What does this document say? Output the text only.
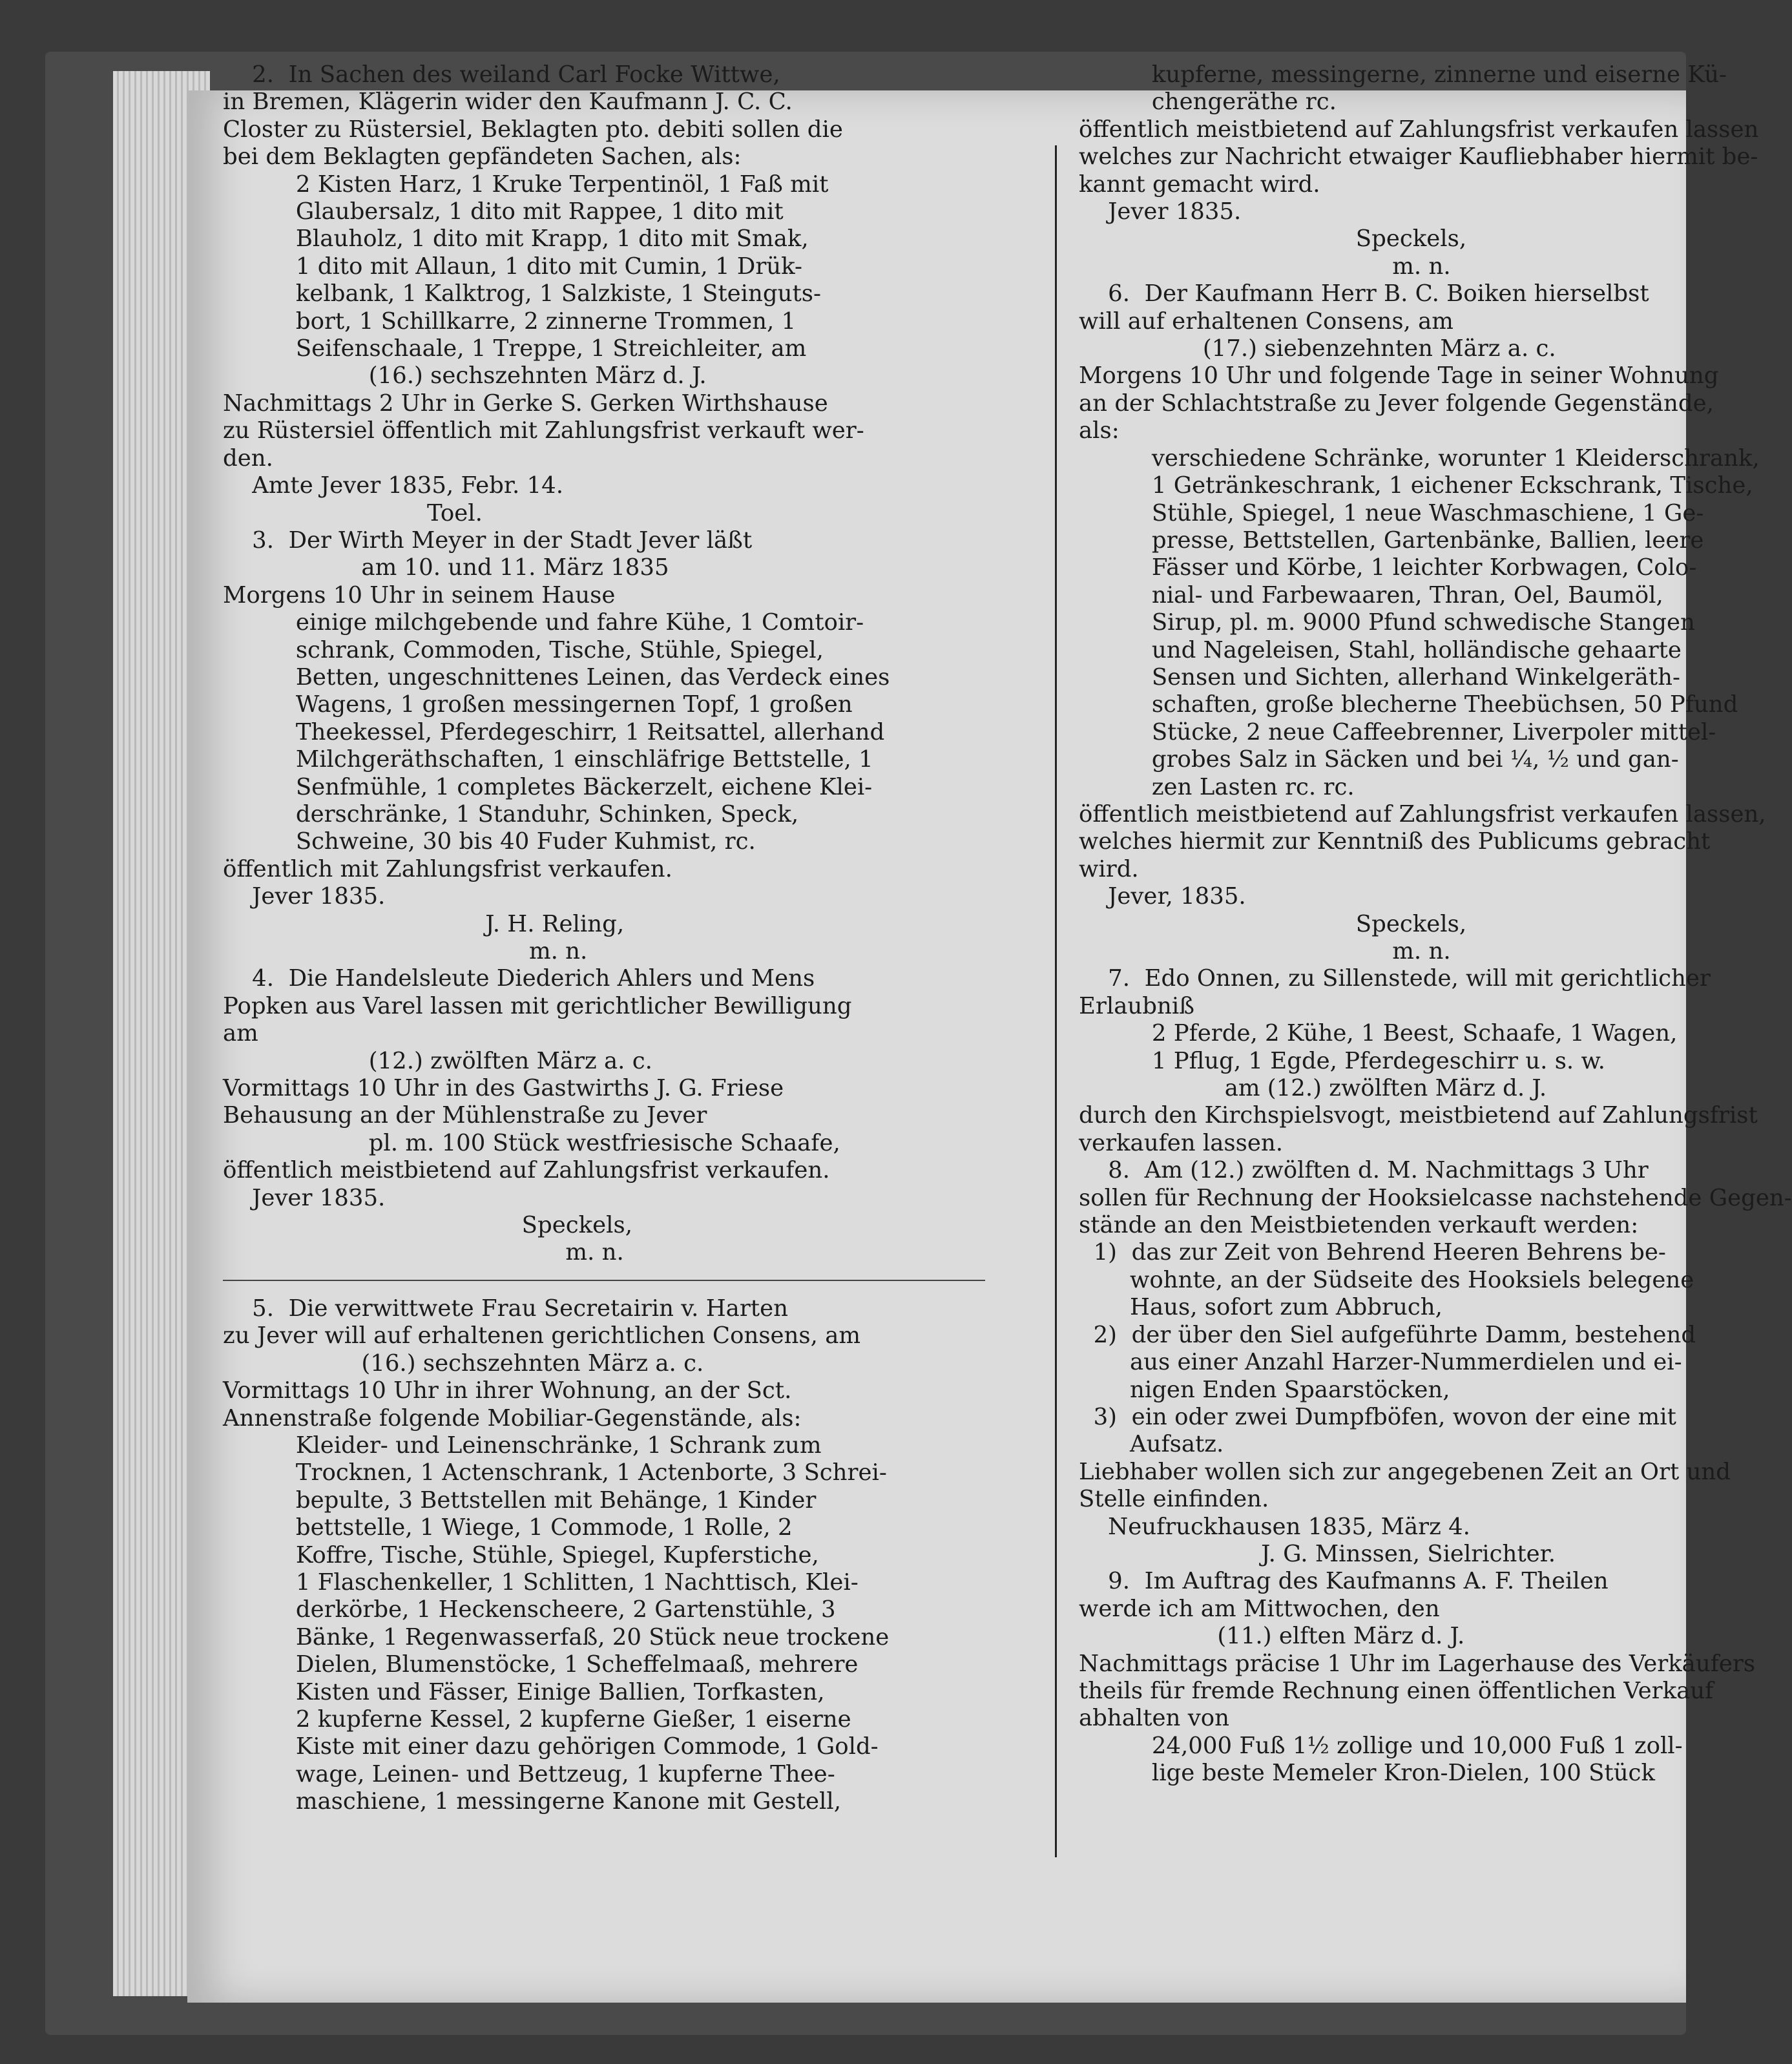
2.  In Sachen des weiland Carl Focke Wittwe,
in Bremen, Klägerin wider den Kaufmann J. C. C.
Closter zu Rüstersiel, Beklagten pto. debiti sollen die
bei dem Beklagten gepfändeten Sachen, als:
2 Kisten Harz, 1 Kruke Terpentinöl, 1 Faß mit
Glaubersalz, 1 dito mit Rappee, 1 dito mit
Blauholz, 1 dito mit Krapp, 1 dito mit Smak,
1 dito mit Allaun, 1 dito mit Cumin, 1 Drük-
kelbank, 1 Kalktrog, 1 Salzkiste, 1 Steinguts-
bort, 1 Schillkarre, 2 zinnerne Trommen, 1
Seifenschaale, 1 Treppe, 1 Streichleiter, am
(16.) sechszehnten März d. J.
Nachmittags 2 Uhr in Gerke S. Gerken Wirthshause
zu Rüstersiel öffentlich mit Zahlungsfrist verkauft wer-
den.
Amte Jever 1835, Febr. 14.
Toel.
3.  Der Wirth Meyer in der Stadt Jever läßt
am 10. und 11. März 1835
Morgens 10 Uhr in seinem Hause
einige milchgebende und fahre Kühe, 1 Comtoir-
schrank, Commoden, Tische, Stühle, Spiegel,
Betten, ungeschnittenes Leinen, das Verdeck eines
Wagens, 1 großen messingernen Topf, 1 großen
Theekessel, Pferdegeschirr, 1 Reitsattel, allerhand
Milchgeräthschaften, 1 einschläfrige Bettstelle, 1
Senfmühle, 1 completes Bäckerzelt, eichene Klei-
derschränke, 1 Standuhr, Schinken, Speck,
Schweine, 30 bis 40 Fuder Kuhmist, rc.
öffentlich mit Zahlungsfrist verkaufen.
Jever 1835.
J. H. Reling,
m. n.
4.  Die Handelsleute Diederich Ahlers und Mens
Popken aus Varel lassen mit gerichtlicher Bewilligung
am
(12.) zwölften März a. c.
Vormittags 10 Uhr in des Gastwirths J. G. Friese
Behausung an der Mühlenstraße zu Jever
pl. m. 100 Stück westfriesische Schaafe,
öffentlich meistbietend auf Zahlungsfrist verkaufen.
Jever 1835.
Speckels,
m. n.
5.  Die verwittwete Frau Secretairin v. Harten
zu Jever will auf erhaltenen gerichtlichen Consens, am
(16.) sechszehnten März a. c.
Vormittags 10 Uhr in ihrer Wohnung, an der Sct.
Annenstraße folgende Mobiliar-Gegenstände, als:
Kleider- und Leinenschränke, 1 Schrank zum
Trocknen, 1 Actenschrank, 1 Actenborte, 3 Schrei-
bepulte, 3 Bettstellen mit Behänge, 1 Kinder
bettstelle, 1 Wiege, 1 Commode, 1 Rolle, 2
Koffre, Tische, Stühle, Spiegel, Kupferstiche,
1 Flaschenkeller, 1 Schlitten, 1 Nachttisch, Klei-
derkörbe, 1 Heckenscheere, 2 Gartenstühle, 3
Bänke, 1 Regenwasserfaß, 20 Stück neue trockene
Dielen, Blumenstöcke, 1 Scheffelmaaß, mehrere
Kisten und Fässer, Einige Ballien, Torfkasten,
2 kupferne Kessel, 2 kupferne Gießer, 1 eiserne
Kiste mit einer dazu gehörigen Commode, 1 Gold-
wage, Leinen- und Bettzeug, 1 kupferne Thee-
maschiene, 1 messingerne Kanone mit Gestell,
kupferne, messingerne, zinnerne und eiserne Kü-
chengeräthe rc.
öffentlich meistbietend auf Zahlungsfrist verkaufen lassen
welches zur Nachricht etwaiger Kaufliebhaber hiermit be-
kannt gemacht wird.
Jever 1835.
Speckels,
m. n.
6.  Der Kaufmann Herr B. C. Boiken hierselbst
will auf erhaltenen Consens, am
(17.) siebenzehnten März a. c.
Morgens 10 Uhr und folgende Tage in seiner Wohnung
an der Schlachtstraße zu Jever folgende Gegenstände,
als:
verschiedene Schränke, worunter 1 Kleiderschrank,
1 Getränkeschrank, 1 eichener Eckschrank, Tische,
Stühle, Spiegel, 1 neue Waschmaschiene, 1 Ge-
presse, Bettstellen, Gartenbänke, Ballien, leere
Fässer und Körbe, 1 leichter Korbwagen, Colo-
nial- und Farbewaaren, Thran, Oel, Baumöl,
Sirup, pl. m. 9000 Pfund schwedische Stangen
und Nageleisen, Stahl, holländische gehaarte
Sensen und Sichten, allerhand Winkelgeräth-
schaften, große blecherne Theebüchsen, 50 Pfund
Stücke, 2 neue Caffeebrenner, Liverpoler mittel-
grobes Salz in Säcken und bei ¼, ½ und gan-
zen Lasten rc. rc.
öffentlich meistbietend auf Zahlungsfrist verkaufen lassen,
welches hiermit zur Kenntniß des Publicums gebracht
wird.
Jever, 1835.
Speckels,
m. n.
7.  Edo Onnen, zu Sillenstede, will mit gerichtlicher
Erlaubniß
2 Pferde, 2 Kühe, 1 Beest, Schaafe, 1 Wagen,
1 Pflug, 1 Egde, Pferdegeschirr u. s. w.
am (12.) zwölften März d. J.
durch den Kirchspielsvogt, meistbietend auf Zahlungsfrist
verkaufen lassen.
8.  Am (12.) zwölften d. M. Nachmittags 3 Uhr
sollen für Rechnung der Hooksielcasse nachstehende Gegen-
stände an den Meistbietenden verkauft werden:
1)  das zur Zeit von Behrend Heeren Behrens be-
wohnte, an der Südseite des Hooksiels belegene
Haus, sofort zum Abbruch,
2)  der über den Siel aufgeführte Damm, bestehend
aus einer Anzahl Harzer-Nummerdielen und ei-
nigen Enden Spaarstöcken,
3)  ein oder zwei Dumpfböfen, wovon der eine mit
Aufsatz.
Liebhaber wollen sich zur angegebenen Zeit an Ort und
Stelle einfinden.
Neufruckhausen 1835, März 4.
J. G. Minssen, Sielrichter.
9.  Im Auftrag des Kaufmanns A. F. Theilen
werde ich am Mittwochen, den
(11.) elften März d. J.
Nachmittags präcise 1 Uhr im Lagerhause des Verkäufers
theils für fremde Rechnung einen öffentlichen Verkauf
abhalten von
24,000 Fuß 1½ zollige und 10,000 Fuß 1 zoll-
lige beste Memeler Kron-Dielen, 100 Stück
